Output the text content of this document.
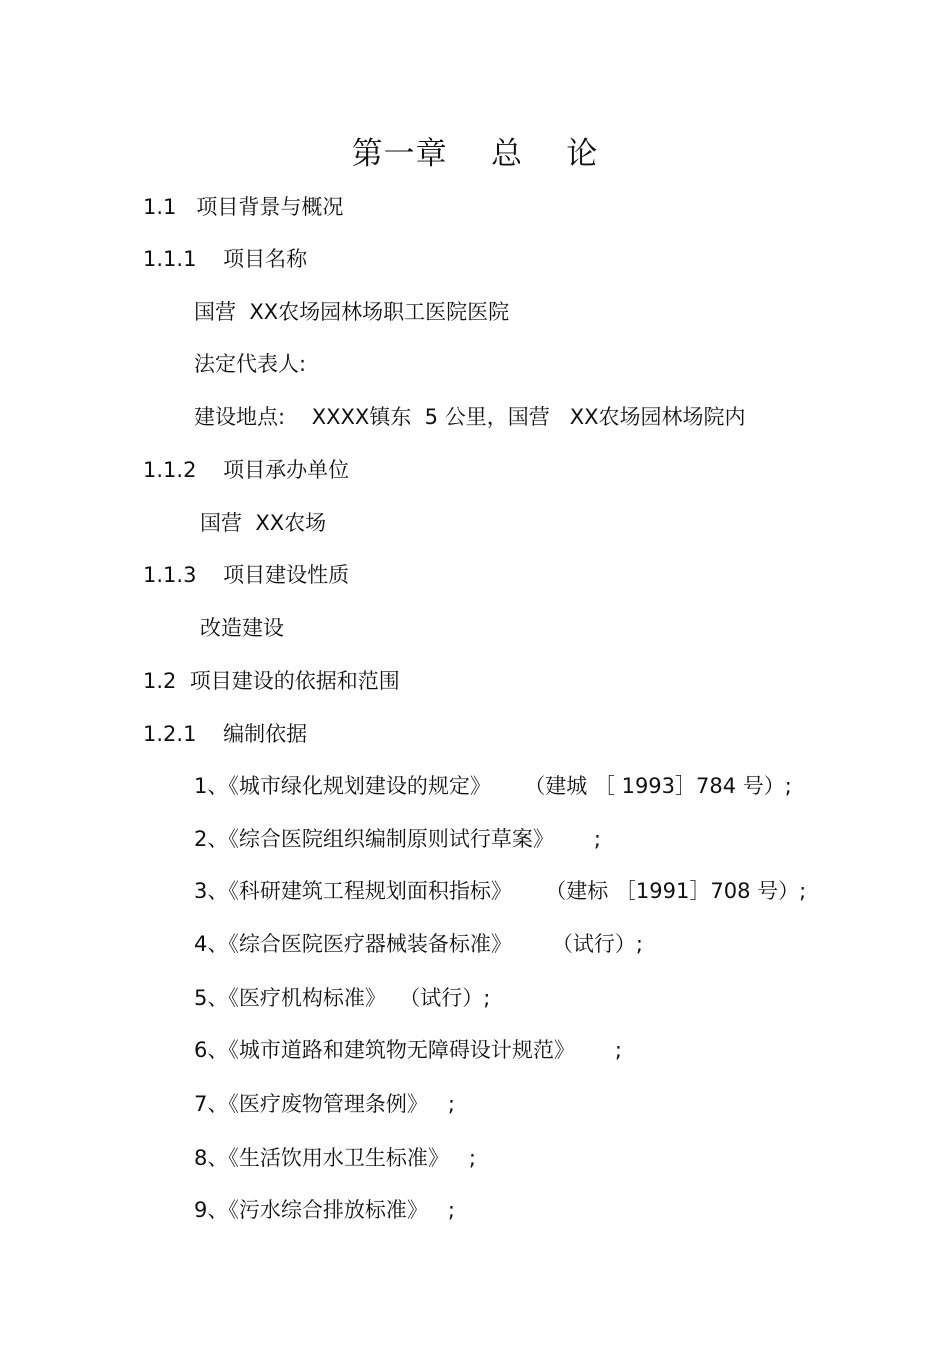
第一章    总    论
1.1   项目背景与概况
1.1.1    项目名称
国营  XX农场园林场职工医院医院
法定代表人:
建设地点:    XXXX镇东  5 公里，国营   XX农场园林场院内
1.1.2    项目承办单位
国营  XX农场
1.1.3    项目建设性质
改造建设
1.2  项目建设的依据和范围
1.2.1    编制依据
1、《城市绿化规划建设的规定》     （建城 ［ 1993］784 号）;
2、《综合医院组织编制原则试行草案》      ;
3、《科研建筑工程规划面积指标》     （建标 ［1991］708 号）;
4、《综合医院医疗器械装备标准》      （试行）;
5、《医疗机构标准》  （试行）;
6、《城市道路和建筑物无障碍设计规范》      ;
7、《医疗废物管理条例》   ;
8、《生活饮用水卫生标准》   ;
9、《污水综合排放标准》   ;
